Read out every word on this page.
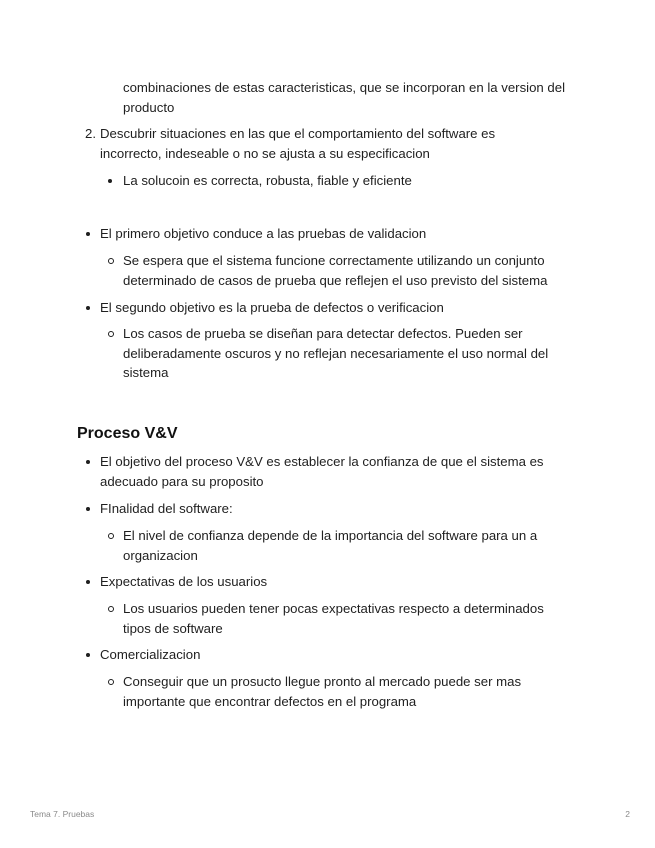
combinaciones de estas caracteristicas, que se incorporan en la version del producto

2. Descubrir situaciones en las que el comportamiento del software es incorrecto, indeseable o no se ajusta a su especificacion
La solucoin es correcta, robusta, fiable y eficiente
El primero objetivo conduce a las pruebas de validacion
Se espera que el sistema funcione correctamente utilizando un conjunto determinado de casos de prueba que reflejen el uso previsto del sistema
El segundo objetivo es la prueba de defectos o verificacion
Los casos de prueba se diseñan para detectar defectos. Pueden ser deliberadamente oscuros y no reflejan necesariamente el uso normal del sistema
Proceso V&V
El objetivo del proceso V&V es establecer la confianza de que el sistema es adecuado para su proposito
FInalidad del software:
El nivel de confianza depende de la importancia del software para un a organizacion
Expectativas de los usuarios
Los usuarios pueden tener pocas expectativas respecto a determinados tipos de software
Comercializacion
Conseguir que un prosucto llegue pronto al mercado puede ser mas importante que encontrar defectos en el programa
Tema 7. Pruebas	2
